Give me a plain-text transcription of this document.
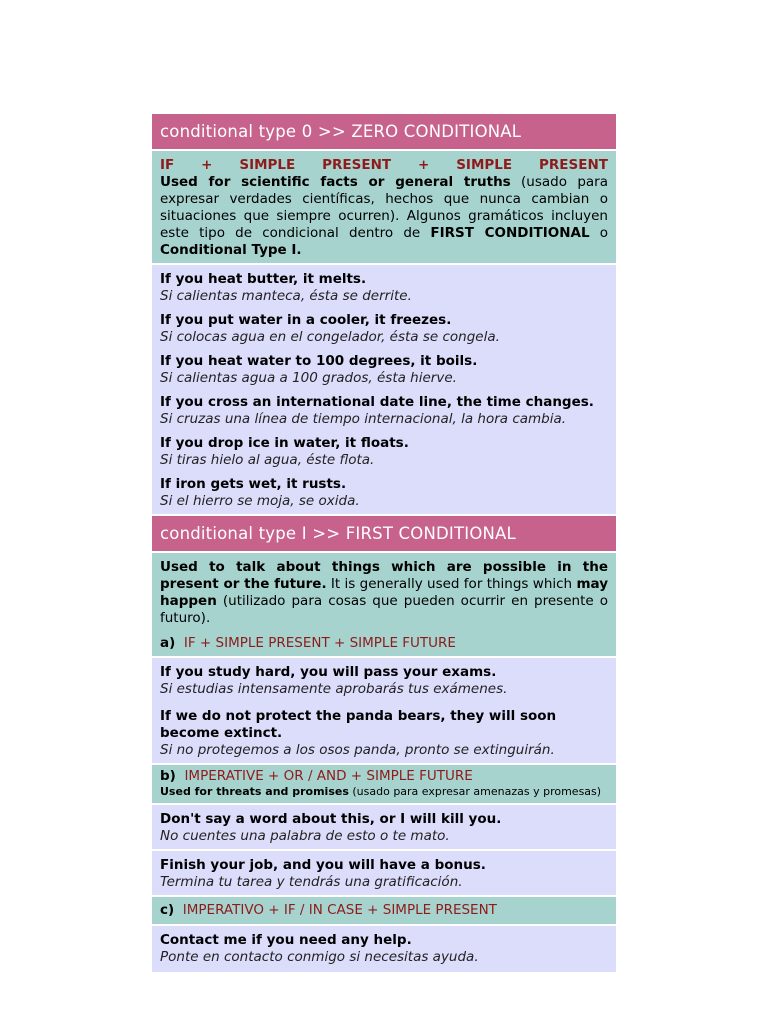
conditional type 0 >> ZERO CONDITIONAL
IF + SIMPLE PRESENT + SIMPLE PRESENT
Used for scientific facts or general truths (usado para expresar verdades científicas, hechos que nunca cambian o situaciones que siempre ocurren). Algunos gramáticos incluyen este tipo de condicional dentro de FIRST CONDITIONAL o Conditional Type I.
If you heat butter, it melts.
Si calientas manteca, ésta se derrite.
If you put water in a cooler, it freezes.
Si colocas agua en el congelador, ésta se congela.
If you heat water to 100 degrees, it boils.
Si calientas agua a 100 grados, ésta hierve.
If you cross an international date line, the time changes.
Si cruzas una línea de tiempo internacional, la hora cambia.
If you drop ice in water, it floats.
Si tiras hielo al agua, éste flota.
If iron gets wet, it rusts.
Si el hierro se moja, se oxida.
conditional type I >> FIRST CONDITIONAL
Used to talk about things which are possible in the present or the future. It is generally used for things which may happen (utilizado para cosas que pueden ocurrir en presente o futuro).
a) IF + SIMPLE PRESENT + SIMPLE FUTURE
If you study hard, you will pass your exams.
Si estudias intensamente aprobarás tus exámenes.
If we do not protect the panda bears, they will soon become extinct.
Si no protegemos a los osos panda, pronto se extinguirán.
b) IMPERATIVE + OR / AND + SIMPLE FUTURE
Used for threats and promises (usado para expresar amenazas y promesas)
Don't say a word about this, or I will kill you.
No cuentes una palabra de esto o te mato.
Finish your job, and you will have a bonus.
Termina tu tarea y tendrás una gratificación.
c) IMPERATIVO + IF / IN CASE + SIMPLE PRESENT
Contact me if you need any help.
Ponte en contacto conmigo si necesitas ayuda.
